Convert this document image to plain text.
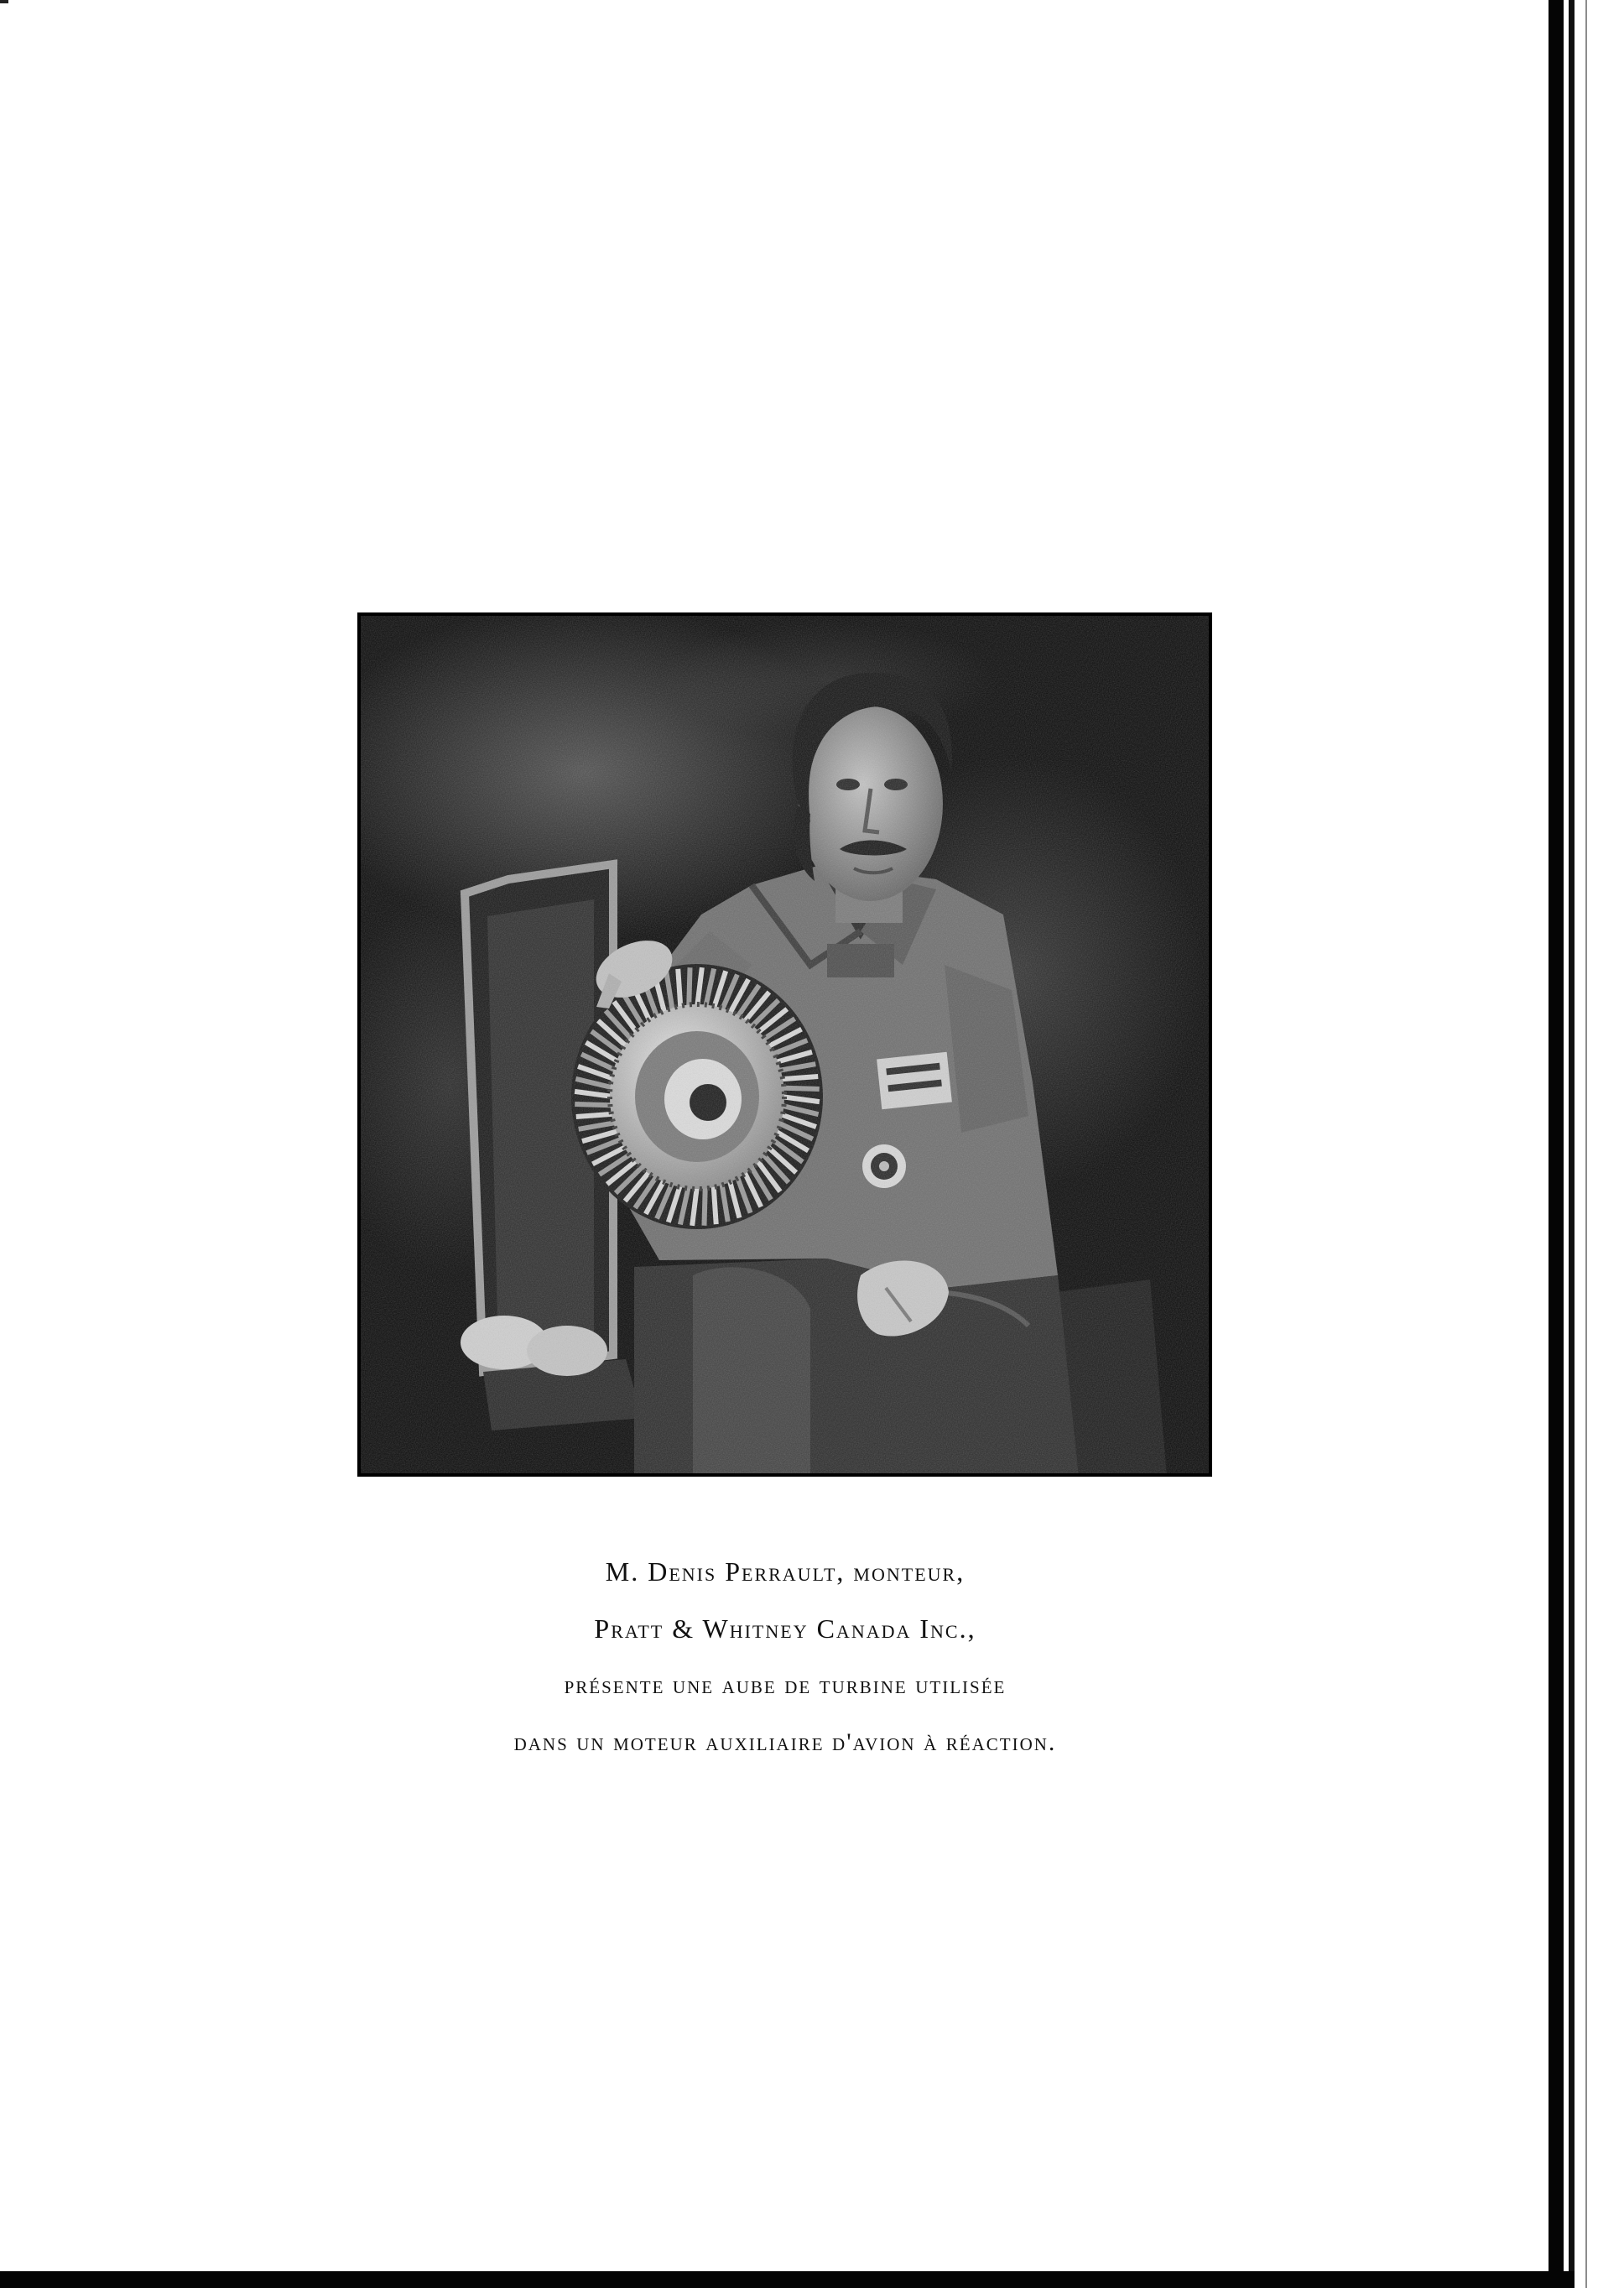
M. Denis Perrault, monteur,
Pratt & Whitney Canada Inc.,
présente une aube de turbine utilisée
dans un moteur auxiliaire d'avion à réaction.
